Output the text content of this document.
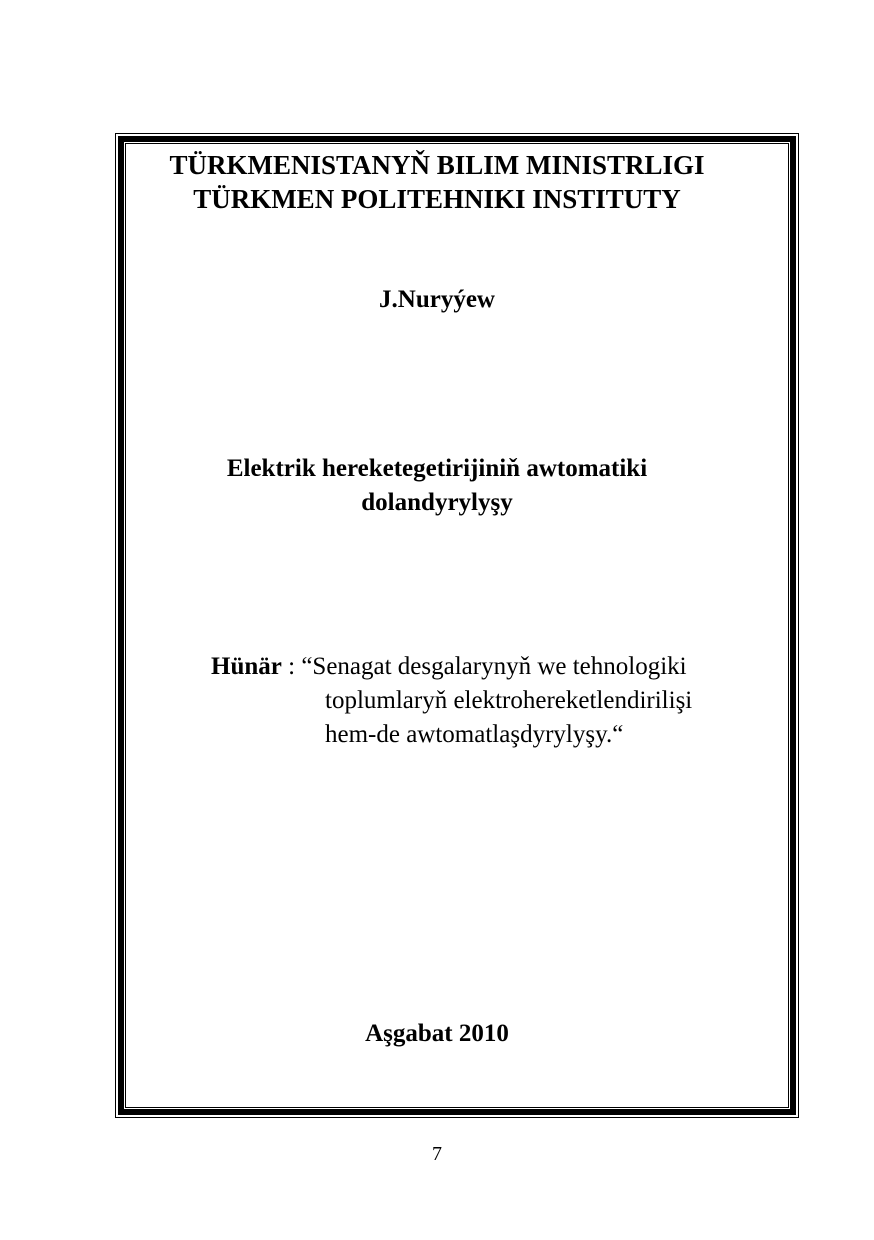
TÜRKMENISTANYŇ BILIM MINISTRLIGI
TÜRKMEN POLITEHNIKI INSTITUTY
J.Nuryýew
Elektrik hereketegetirijiniň awtomatiki
dolandyrylyşy
Hünär : “Senagat desgalarynyň we tehnologiki
toplumlaryň elektrohereketlendirilişi
hem-de awtomatlaşdyrylyşy.“
Aşgabat 2010
7
